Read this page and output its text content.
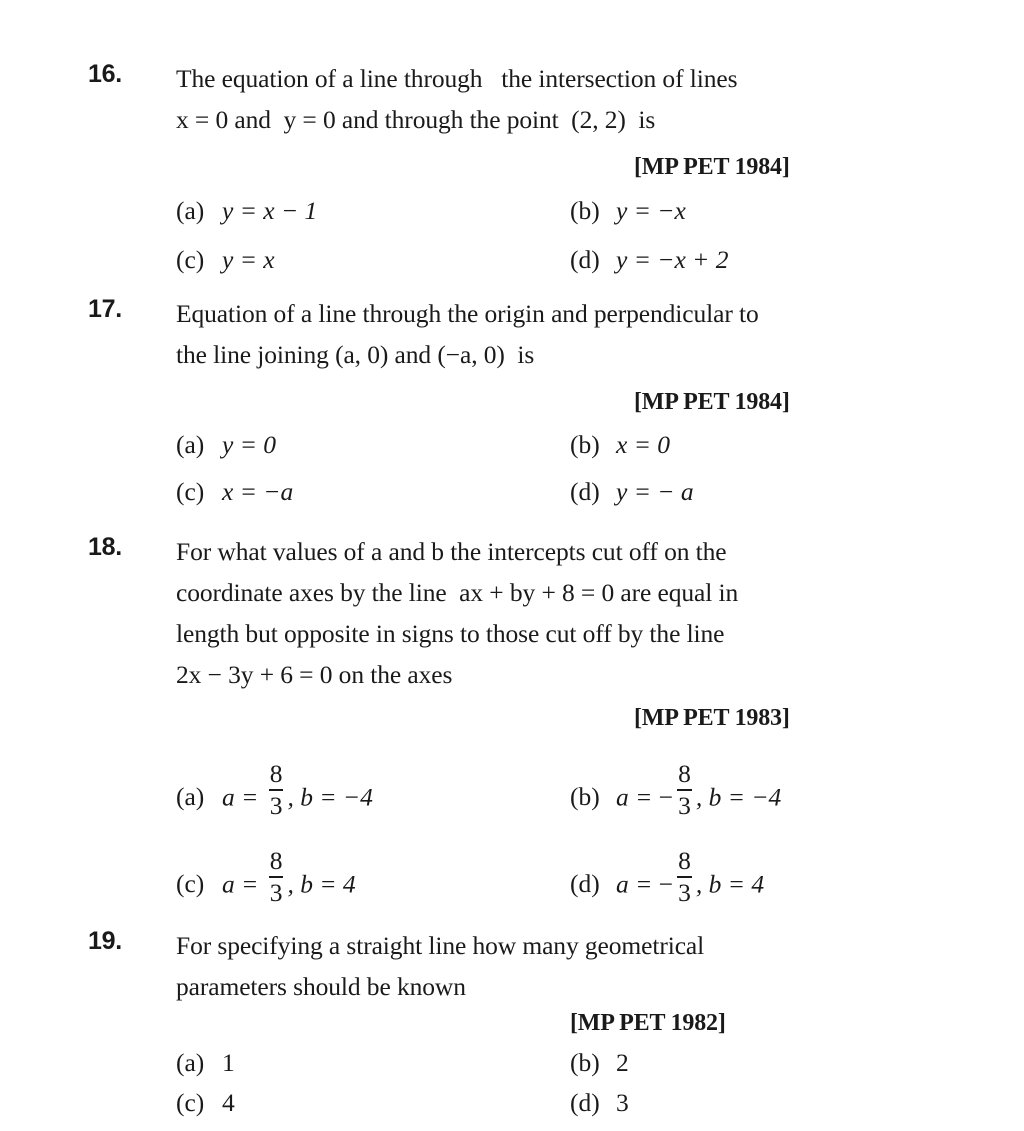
16.	The equation of a line through   the intersection of lines
x = 0 and  y = 0 and through the point  (2, 2)  is
[MP PET 1984]
(a) y = x − 1	(b) y = −x
(c) y = x	(d) y = −x + 2
17.	Equation of a line through the origin and perpendicular to
the line joining (a, 0) and (−a, 0)  is
[MP PET 1984]
(a) y = 0	(b) x = 0
(c) x = −a	(d) y = − a
18.	For what values of a and b the intercepts cut off on the
coordinate axes by the line  ax + by + 8 = 0 are equal in
length but opposite in signs to those cut off by the line
2x − 3y + 6 = 0 on the axes
[MP PET 1983]
(a) $a = \frac{8}{3}$ , b = −4	(b) a = − $\frac{8}{3}$ , b = −4
(c) $a = \frac{8}{3}$ , b = 4	(d) a = − $\frac{8}{3}$ , b = 4
19.	For specifying a straight line how many geometrical
parameters should be known
[MP PET 1982]
(a) 1	(b) 2
(c) 4	(d) 3
